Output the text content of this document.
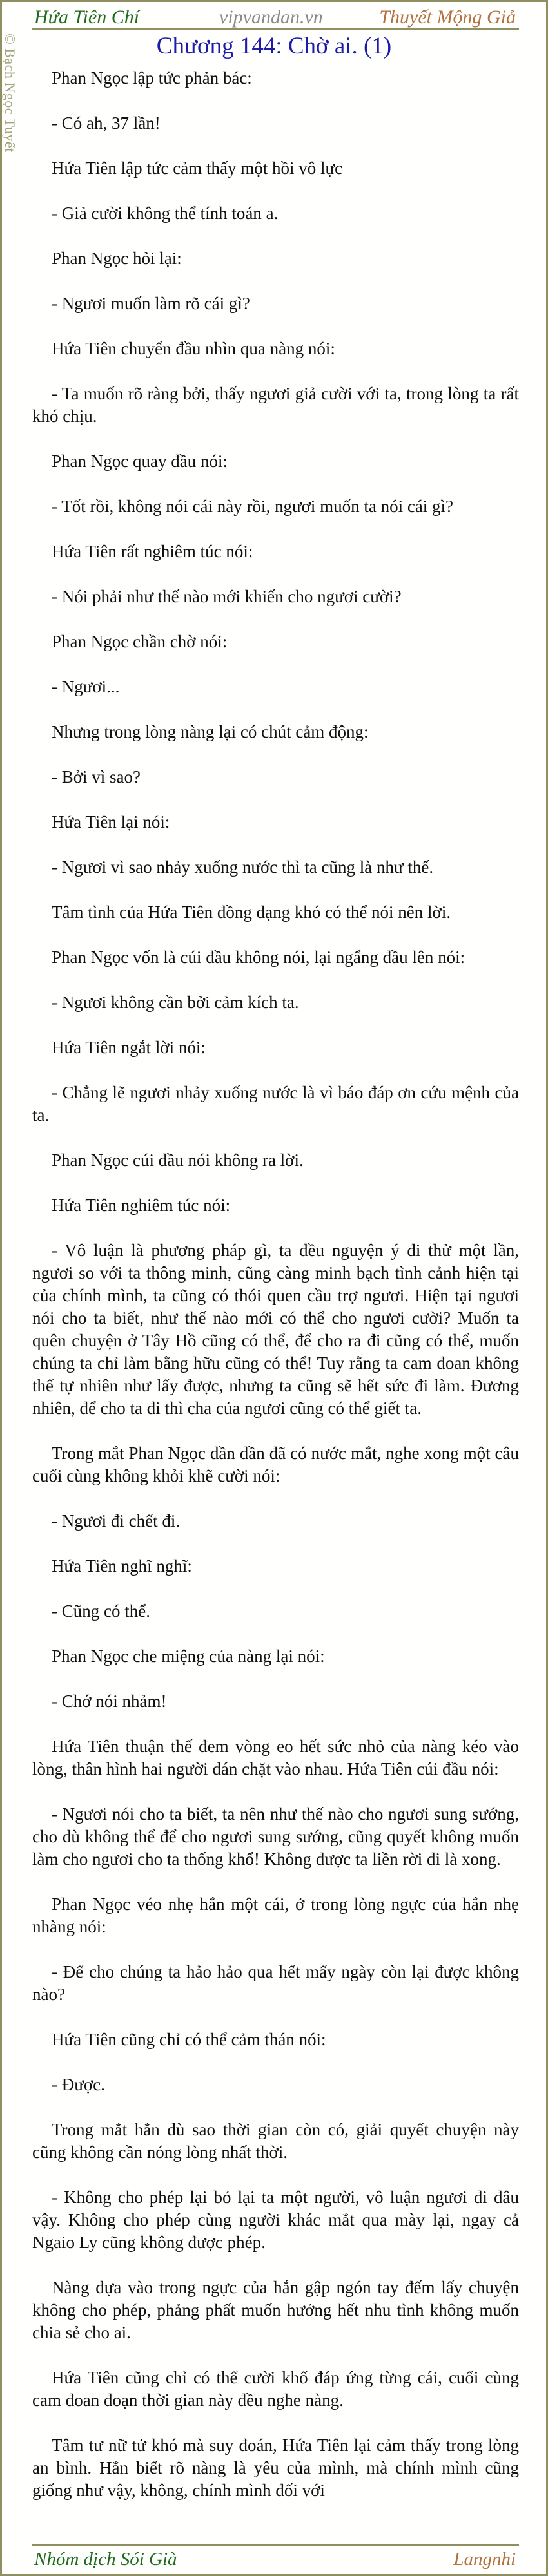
© Bạch Ngọc Tuyết
Hứa Tiên Chí	vipvandan.vn	Thuyết Mộng Giả
Chương 144: Chờ ai. (1)

Phan Ngọc lập tức phản bác:

- Có ah, 37 lần!

Hứa Tiên lập tức cảm thấy một hồi vô lực

- Giả cười không thể tính toán a.

Phan Ngọc hỏi lại:

- Ngươi muốn làm rõ cái gì?

Hứa Tiên chuyển đầu nhìn qua nàng nói:

- Ta muốn rõ ràng bởi, thấy ngươi giả cười với ta, trong lòng ta rất khó chịu.

Phan Ngọc quay đầu nói:

- Tốt rồi, không nói cái này rồi, ngươi muốn ta nói cái gì?

Hứa Tiên rất nghiêm túc nói:

- Nói phải như thế nào mới khiến cho ngươi cười?

Phan Ngọc chần chờ nói:

- Ngươi...

Nhưng trong lòng nàng lại có chút cảm động:

- Bởi vì sao?

Hứa Tiên lại nói:

- Ngươi vì sao nhảy xuống nước thì ta cũng là như thế.

Tâm tình của Hứa Tiên đồng dạng khó có thể nói nên lời.

Phan Ngọc vốn là cúi đầu không nói, lại ngẩng đầu lên nói:

- Ngươi không cần bởi cảm kích ta.

Hứa Tiên ngắt lời nói:

- Chẳng lẽ ngươi nhảy xuống nước là vì báo đáp ơn cứu mệnh của ta.

Phan Ngọc cúi đầu nói không ra lời.

Hứa Tiên nghiêm túc nói:

- Vô luận là phương pháp gì, ta đều nguyện ý đi thử một lần, ngươi so với ta thông minh, cũng càng minh bạch tình cảnh hiện tại của chính mình, ta cũng có thói quen cầu trợ ngươi. Hiện tại ngươi nói cho ta biết, như thế nào mới có thể cho ngươi cười? Muốn ta quên chuyện ở Tây Hồ cũng có thể, để cho ra đi cũng có thể, muốn chúng ta chỉ làm bằng hữu cũng có thể! Tuy rằng ta cam đoan không thể tự nhiên như lấy được, nhưng ta cũng sẽ hết sức đi làm. Đương nhiên, để cho ta đi thì cha của ngươi cũng có thể giết ta.

Trong mắt Phan Ngọc dần dần đã có nước mắt, nghe xong một câu cuối cùng không khỏi khẽ cười nói:

- Ngươi đi chết đi.

Hứa Tiên nghĩ nghĩ:

- Cũng có thể.

Phan Ngọc che miệng của nàng lại nói:

- Chớ nói nhảm!

Hứa Tiên thuận thế đem vòng eo hết sức nhỏ của nàng kéo vào lòng, thân hình hai người dán chặt vào nhau. Hứa Tiên cúi đầu nói:

- Ngươi nói cho ta biết, ta nên như thế nào cho ngươi sung sướng, cho dù không thể để cho ngươi sung sướng, cũng quyết không muốn làm cho ngươi cho ta thống khổ! Không được ta liền rời đi là xong.

Phan Ngọc véo nhẹ hắn một cái, ở trong lòng ngực của hắn nhẹ nhàng nói:

- Để cho chúng ta hảo hảo qua hết mấy ngày còn lại được không nào?

Hứa Tiên cũng chỉ có thể cảm thán nói:

- Được.

Trong mắt hắn dù sao thời gian còn có, giải quyết chuyện này cũng không cần nóng lòng nhất thời.

- Không cho phép lại bỏ lại ta một người, vô luận ngươi đi đâu vậy. Không cho phép cùng người khác mắt qua mày lại, ngay cả Ngaio Ly cũng không được phép.

Nàng dựa vào trong ngực của hắn gập ngón tay đếm lấy chuyện không cho phép, phảng phất muốn hưởng hết nhu tình không muốn chia sẻ cho ai.

Hứa Tiên cũng chỉ có thể cười khổ đáp ứng từng cái, cuối cùng cam đoan đoạn thời gian này đều nghe nàng.

Tâm tư nữ tử khó mà suy đoán, Hứa Tiên lại cảm thấy trong lòng an bình. Hắn biết rõ nàng là yêu của mình, mà chính mình cũng giống như vậy, không, chính mình đối với

Nhóm dịch Sói Già	Langnhi
